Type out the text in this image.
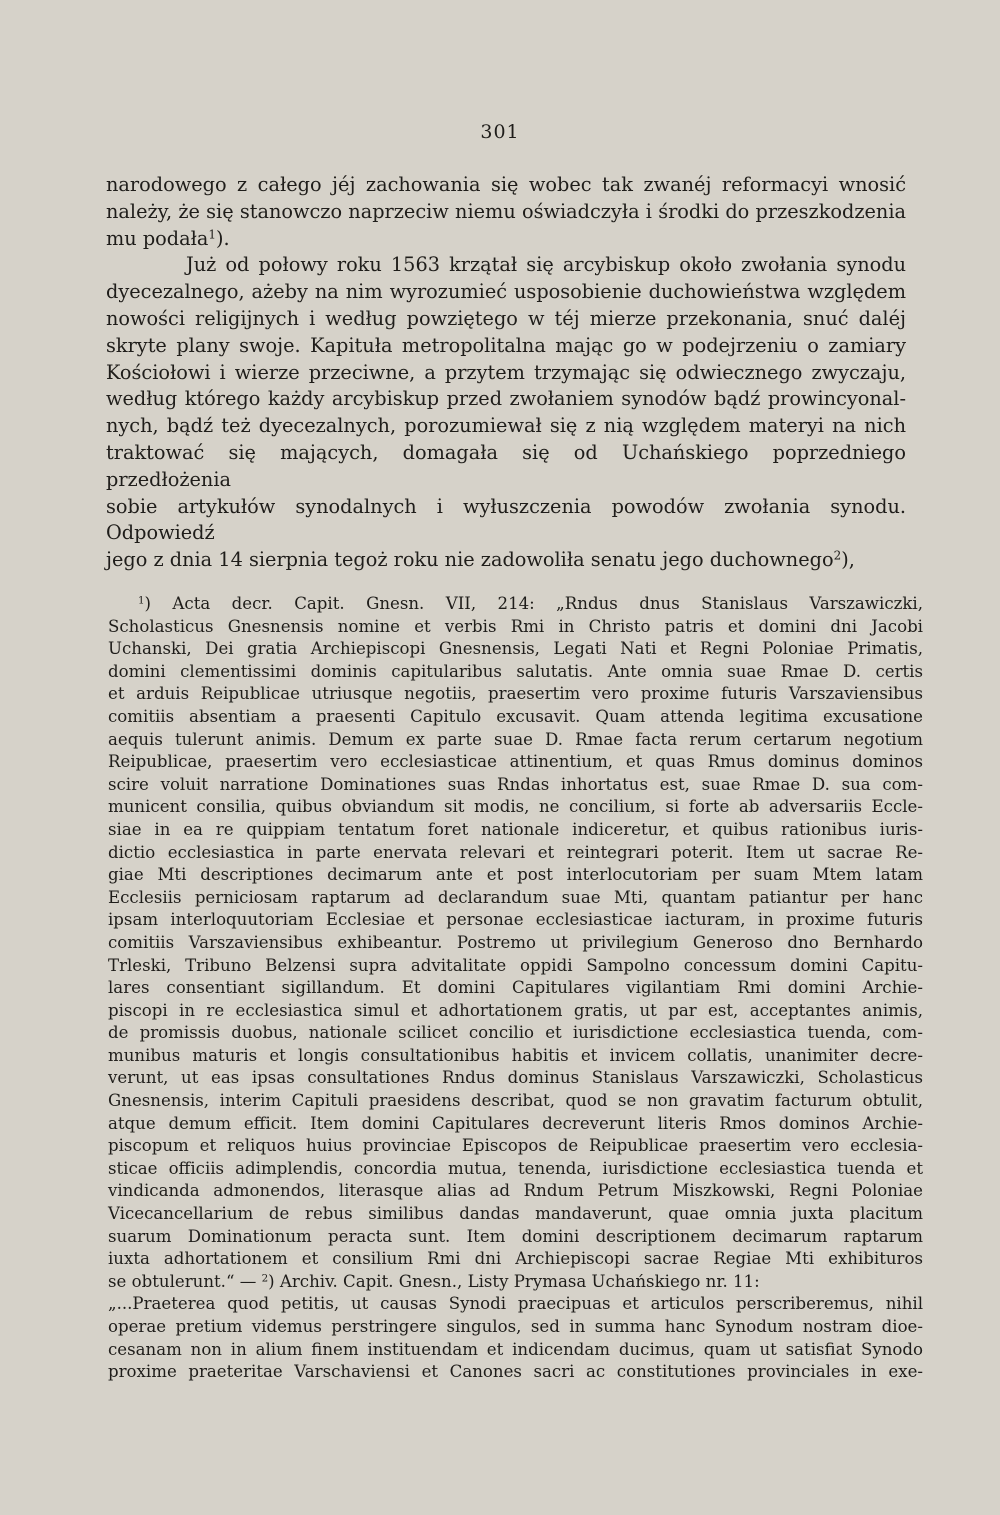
301
narodowego z całego jéj zachowania się wobec tak zwanéj reformacyi wnosić
należy, że się stanowczo naprzeciw niemu oświadczyła i środki do przeszkodzenia
mu podała$^1$).
Już od połowy roku 1563 krzątał się arcybiskup około zwołania synodu
dyecezalnego, ażeby na nim wyrozumieć usposobienie duchowieństwa względem
nowości religijnych i według powziętego w téj mierze przekonania, snuć daléj
skryte plany swoje. Kapituła metropolitalna mając go w podejrzeniu o zamiary
Kościołowi i wierze przeciwne, a przytem trzymając się odwiecznego zwyczaju,
według którego każdy arcybiskup przed zwołaniem synodów bądź prowincyonal-
nych, bądź też dyecezalnych, porozumiewał się z nią względem materyi na nich
traktować się mających, domagała się od Uchańskiego poprzedniego przedłożenia
sobie artykułów synodalnych i wyłuszczenia powodów zwołania synodu. Odpowiedź
jego z dnia 14 sierpnia tegoż roku nie zadowoliła senatu jego duchownego$^2$),
$^1$) Acta decr. Capit. Gnesn. VII, 214: „Rndus dnus Stanislaus Varszawiczki,
Scholasticus Gnesnensis nomine et verbis Rmi in Christo patris et domini dni Jacobi
Uchanski, Dei gratia Archiepiscopi Gnesnensis, Legati Nati et Regni Poloniae Primatis,
domini clementissimi dominis capitularibus salutatis. Ante omnia suae Rmae D. certis
et arduis Reipublicae utriusque negotiis, praesertim vero proxime futuris Varszaviensibus
comitiis absentiam a praesenti Capitulo excusavit. Quam attenda legitima excusatione
aequis tulerunt animis. Demum ex parte suae D. Rmae facta rerum certarum negotium
Reipublicae, praesertim vero ecclesiasticae attinentium, et quas Rmus dominus dominos
scire voluit narratione Dominationes suas Rndas inhortatus est, suae Rmae D. sua com-
municent consilia, quibus obviandum sit modis, ne concilium, si forte ab adversariis Eccle-
siae in ea re quippiam tentatum foret nationale indiceretur, et quibus rationibus iuris-
dictio ecclesiastica in parte enervata relevari et reintegrari poterit. Item ut sacrae Re-
giae Mti descriptiones decimarum ante et post interlocutoriam per suam Mtem latam
Ecclesiis perniciosam raptarum ad declarandum suae Mti, quantam patiantur per hanc
ipsam interloquutoriam Ecclesiae et personae ecclesiasticae iacturam, in proxime futuris
comitiis Varszaviensibus exhibeantur. Postremo ut privilegium Generoso dno Bernhardo
Trleski, Tribuno Belzensi supra advitalitate oppidi Sampolno concessum domini Capitu-
lares consentiant sigillandum. Et domini Capitulares vigilantiam Rmi domini Archie-
piscopi in re ecclesiastica simul et adhortationem gratis, ut par est, acceptantes animis,
de promissis duobus, nationale scilicet concilio et iurisdictione ecclesiastica tuenda, com-
munibus maturis et longis consultationibus habitis et invicem collatis, unanimiter decre-
verunt, ut eas ipsas consultationes Rndus dominus Stanislaus Varszawiczki, Scholasticus
Gnesnensis, interim Capituli praesidens describat, quod se non gravatim facturum obtulit,
atque demum efficit. Item domini Capitulares decreverunt literis Rmos dominos Archie-
piscopum et reliquos huius provinciae Episcopos de Reipublicae praesertim vero ecclesia-
sticae officiis adimplendis, concordia mutua, tenenda, iurisdictione ecclesiastica tuenda et
vindicanda admonendos, literasque alias ad Rndum Petrum Miszkowski, Regni Poloniae
Vicecancellarium de rebus similibus dandas mandaverunt, quae omnia juxta placitum
suarum Dominationum peracta sunt. Item domini descriptionem decimarum raptarum
iuxta adhortationem et consilium Rmi dni Archiepiscopi sacrae Regiae Mti exhibituros
se obtulerunt.“ — $^2$) Archiv. Capit. Gnesn., Listy Prymasa Uchańskiego nr. 11:
„...Praeterea quod petitis, ut causas Synodi praecipuas et articulos perscriberemus, nihil
operae pretium videmus perstringere singulos, sed in summa hanc Synodum nostram dioe-
cesanam non in alium finem instituendam et indicendam ducimus, quam ut satisfiat Synodo
proxime praeteritae Varschaviensi et Canones sacri ac constitutiones provinciales in exe-
